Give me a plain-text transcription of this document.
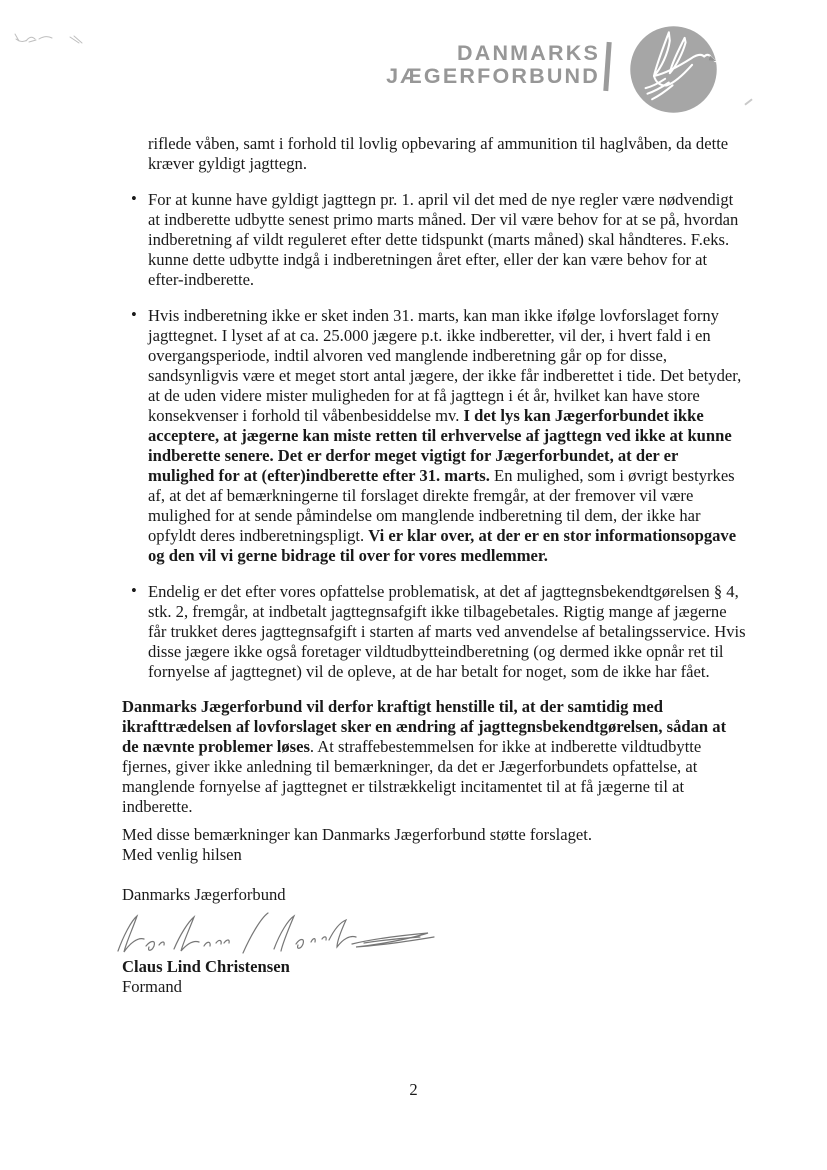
DANMARKS
JÆGERFORBUND

riflede våben, samt i forhold til lovlig opbevaring af ammunition til haglvåben, da dette kræver gyldigt jagttegn.

• For at kunne have gyldigt jagttegn pr. 1. april vil det med de nye regler være nødvendigt at indberette udbytte senest primo marts måned. Der vil være behov for at se på, hvordan indberetning af vildt reguleret efter dette tidspunkt (marts måned) skal håndteres. F.eks. kunne dette udbytte indgå i indberetningen året efter, eller der kan være behov for at efter-indberette.
• Hvis indberetning ikke er sket inden 31. marts, kan man ikke ifølge lovforslaget forny jagttegnet. I lyset af at ca. 25.000 jægere p.t. ikke indberetter, vil der, i hvert fald i en overgangsperiode, indtil alvoren ved manglende indberetning går op for disse, sandsynligvis være et meget stort antal jægere, der ikke får indberettet i tide. Det betyder, at de uden videre mister muligheden for at få jagttegn i ét år, hvilket kan have store konsekvenser i forhold til våbenbesiddelse mv. I det lys kan Jægerforbundet ikke acceptere, at jægerne kan miste retten til erhvervelse af jagttegn ved ikke at kunne indberette senere. Det er derfor meget vigtigt for Jægerforbundet, at der er mulighed for at (efter)indberette efter 31. marts. En mulighed, som i øvrigt bestyrkes af, at det af bemærkningerne til forslaget direkte fremgår, at der fremover vil være mulighed for at sende påmindelse om manglende indberetning til dem, der ikke har opfyldt deres indberetningspligt. Vi er klar over, at der er en stor informationsopgave og den vil vi gerne bidrage til over for vores medlemmer.
• Endelig er det efter vores opfattelse problematisk, at det af jagttegnsbekendtgørelsen § 4, stk. 2, fremgår, at indbetalt jagttegnsafgift ikke tilbagebetales. Rigtig mange af jægerne får trukket deres jagttegnsafgift i starten af marts ved anvendelse af betalingsservice. Hvis disse jægere ikke også foretager vildtudbytteindberetning (og dermed ikke opnår ret til fornyelse af jagttegnet) vil de opleve, at de har betalt for noget, som de ikke har fået.

Danmarks Jægerforbund vil derfor kraftigt henstille til, at der samtidig med ikrafttrædelsen af lovforslaget sker en ændring af jagttegnsbekendtgørelsen, sådan at de nævnte problemer løses. At straffebestemmelsen for ikke at indberette vildtudbytte fjernes, giver ikke anledning til bemærkninger, da det er Jægerforbundets opfattelse, at manglende fornyelse af jagttegnet er tilstrækkeligt incitamentet til at få jægerne til at indberette.

Med disse bemærkninger kan Danmarks Jægerforbund støtte forslaget.

Med venlig hilsen

Danmarks Jægerforbund

Claus Lind Christensen

Formand

2
